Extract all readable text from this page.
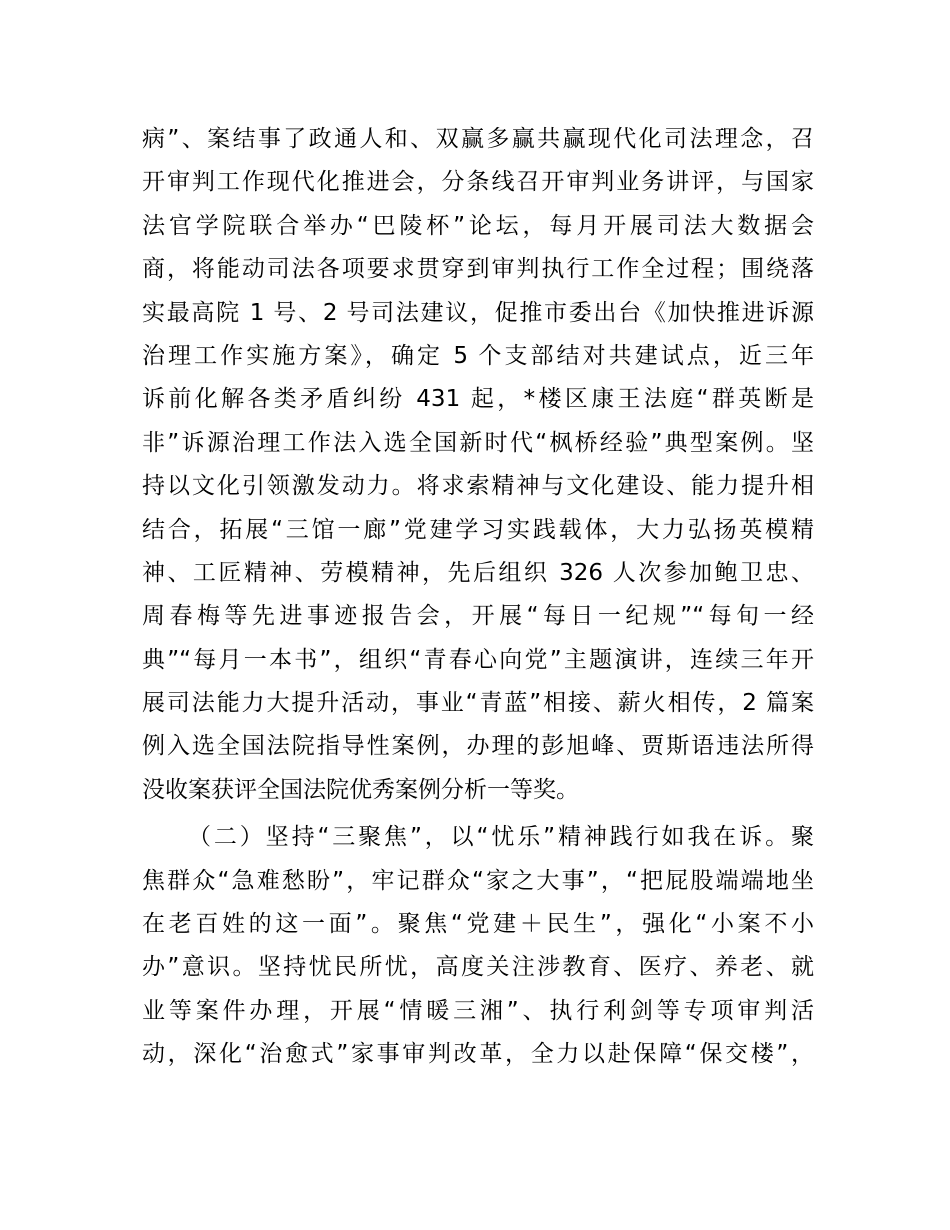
病”、案结事了政通人和、双赢多赢共赢现代化司法理念，召
开审判工作现代化推进会，分条线召开审判业务讲评，与国家
法官学院联合举办“巴陵杯”论坛，每月开展司法大数据会
商，将能动司法各项要求贯穿到审判执行工作全过程；围绕落
实最高院 1 号、2 号司法建议，促推市委出台《加快推进诉源
治理工作实施方案》，确定 5 个支部结对共建试点，近三年
诉前化解各类矛盾纠纷 431 起，*楼区康王法庭“群英断是
非”诉源治理工作法入选全国新时代“枫桥经验”典型案例。坚
持以文化引领激发动力。将求索精神与文化建设、能力提升相
结合，拓展“三馆一廊”党建学习实践载体，大力弘扬英模精
神、工匠精神、劳模精神，先后组织 326 人次参加鲍卫忠、
周春梅等先进事迹报告会，开展“每日一纪规”“每旬一经
典”“每月一本书”，组织“青春心向党”主题演讲，连续三年开
展司法能力大提升活动，事业“青蓝”相接、薪火相传，2 篇案
例入选全国法院指导性案例，办理的彭旭峰、贾斯语违法所得
没收案获评全国法院优秀案例分析一等奖。
（二）坚持“三聚焦”，以“忧乐”精神践行如我在诉。聚
焦群众“急难愁盼”，牢记群众“家之大事”，“把屁股端端地坐
在老百姓的这一面”。聚焦“党建＋民生”，强化“小案不小
办”意识。坚持忧民所忧，高度关注涉教育、医疗、养老、就
业等案件办理，开展“情暖三湘”、执行利剑等专项审判活
动，深化“治愈式”家事审判改革，全力以赴保障“保交楼”，
